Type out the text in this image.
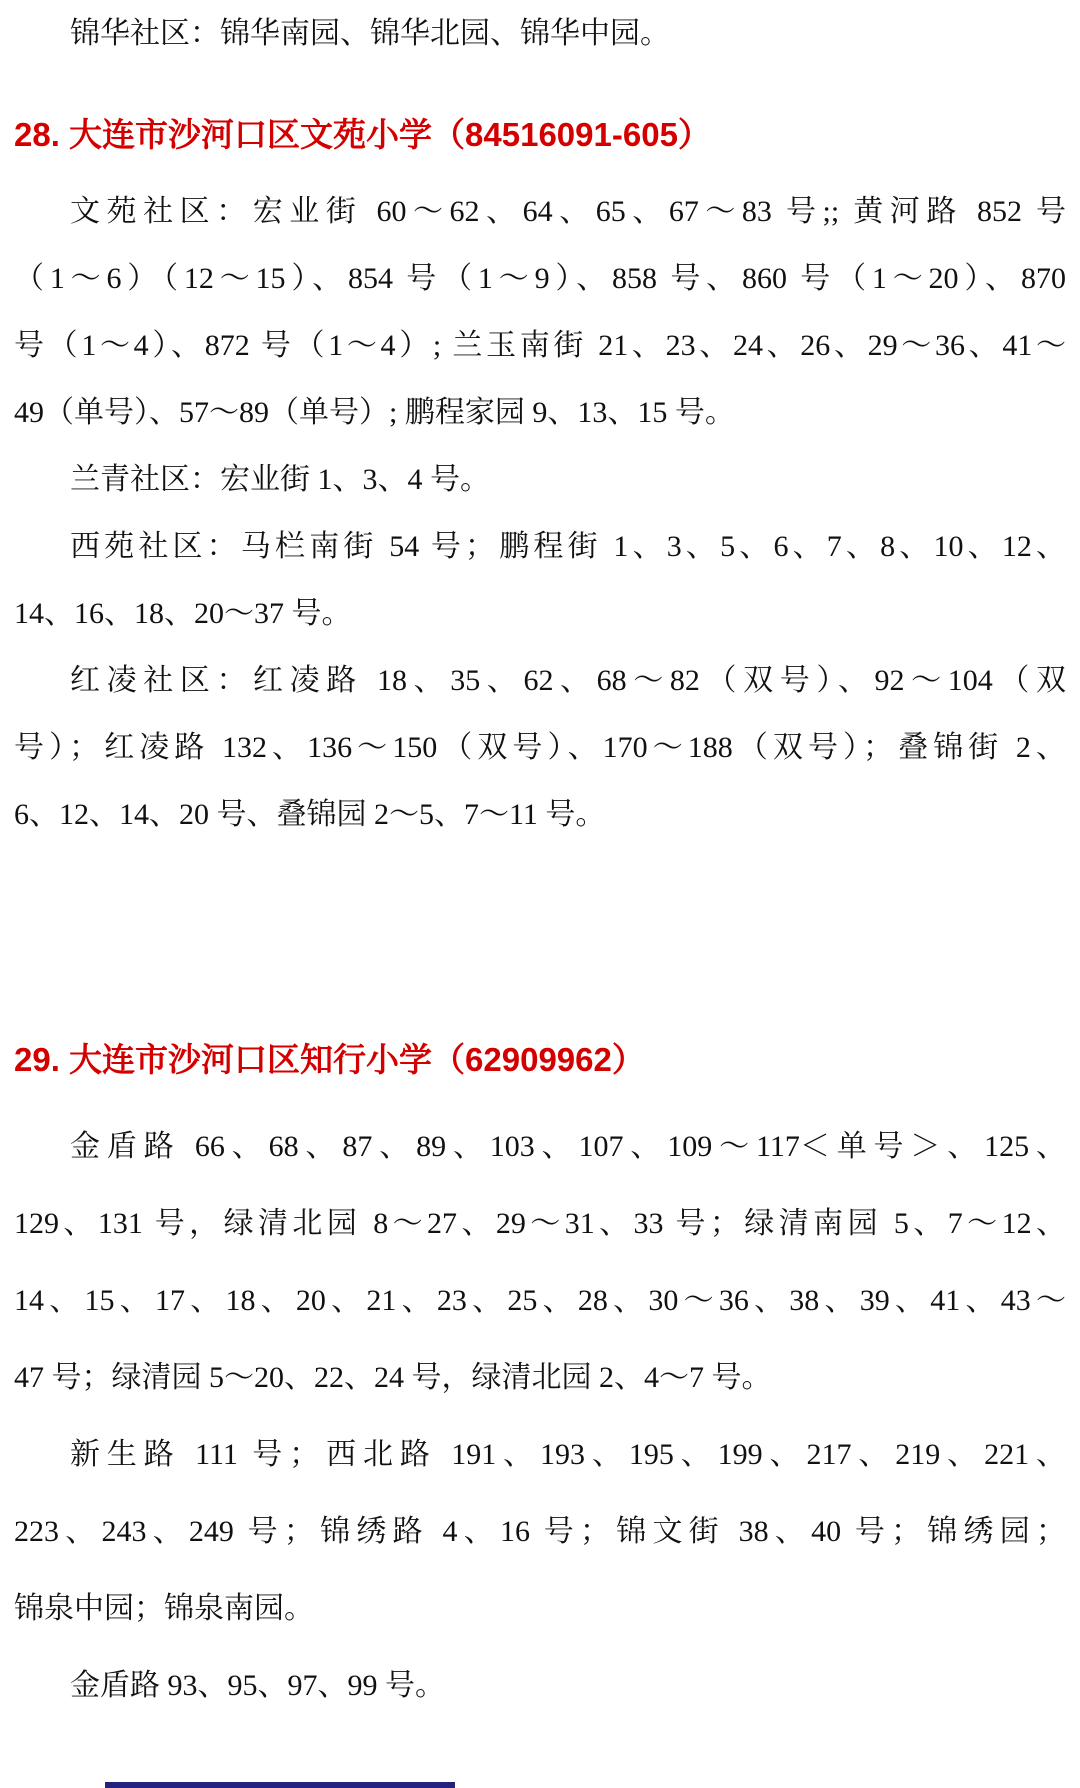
锦华社区：锦华南园、锦华北园、锦华中园。
28. 大连市沙河口区文苑小学（84516091-605）
文苑社区：宏业街 60～62、64、65、67～83 号;; 黄河路 852 号
（1～6）（12～15）、854 号（1～9）、858 号、860 号（1～20）、870
号（1～4）、872 号（1～4）; 兰玉南街 21、23、24、26、29～36、41～
49（单号）、57～89（单号）; 鹏程家园 9、13、15 号。
兰青社区：宏业街 1、3、4 号。
西苑社区：马栏南街 54 号；鹏程街 1、3、5、6、7、8、10、12、
14、16、18、20～37 号。
红凌社区：红凌路 18、35、62、68～82（双号）、92～104（双
号）；红凌路 132、136～150（双号）、170～188（双号）；叠锦街 2、
6、12、14、20 号、叠锦园 2～5、7～11 号。
29. 大连市沙河口区知行小学（62909962）
金盾路 66、68、87、89、103、107、109～117＜单号＞、125、
129、131 号，绿清北园 8～27、29～31、33 号；绿清南园 5、7～12、
14、15、17、18、20、21、23、25、28、30～36、38、39、41、43～
47 号；绿清园 5～20、22、24 号，绿清北园 2、4～7 号。
新生路 111 号；西北路 191、193、195、199、217、219、221、
223、243、249 号；锦绣路 4、16 号；锦文街 38、40 号；锦绣园；
锦泉中园；锦泉南园。
金盾路 93、95、97、99 号。
